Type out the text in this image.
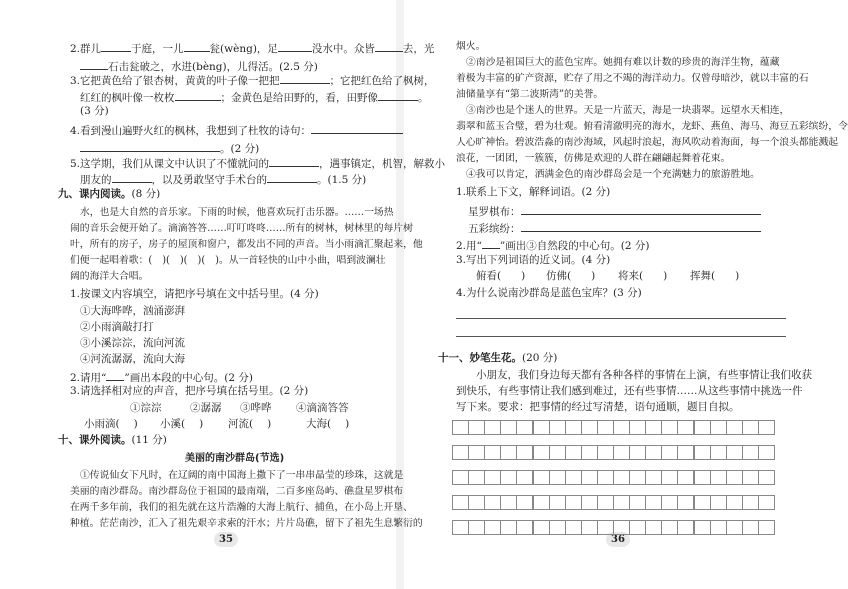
2.群儿	于庭，一儿 瓮(wèng)，足	没水中。众皆	去，光
石击瓮破之，水进(bèng)，儿得活。(2.5 分)
3.它把黄色给了银杏树，黄黄的叶子像一把把	；它把红色给了枫树，
红红的枫叶像一枚枚	；金黄色是给田野的，看，田野像	。
(3 分)
4.看到漫山遍野火红的枫林，我想到了杜牧的诗句：
。(2 分)
5.这学期，我们从课文中认识了不懂就问的	，遇事镇定，机智，解救小
朋友的	，以及勇敢坚守手术台的	。(1.5 分)
九、课内阅读。(8 分)
水，也是大自然的音乐家。下雨的时候，他喜欢玩打击乐器。……一场热
闹的音乐会便开始了。滴滴答答……叮叮咚咚……所有的树林，树林里的每片树
叶，所有的房子，房子的屋顶和窗户，都发出不同的声音。当小雨滴汇聚起来，他
们便一起唱着歌：( )( )( )( )。从一首轻快的山中小曲，唱到波澜壮
阔的海洋大合唱。
1.按课文内容填空，请把序号填在文中括号里。(4 分)
①大海哗哗，汹涌澎湃
②小雨滴敲打打
③小溪淙淙，流向河流
④河流潺潺，流向大海
2.请用“ ”画出本段的中心句。(2 分)
3.请选择相对应的声音，把序号填在括号里。(2 分)
①淙淙	②潺潺 ③哗哗 ④滴滴答答
小雨滴( ) 小溪( ) 河流( )	大海( )
十、课外阅读。(11 分)
美丽的南沙群岛(节选)
①传说仙女下凡时，在辽阔的南中国海上撒下了一串串晶莹的珍珠，这就是
美丽的南沙群岛。南沙群岛位于祖国的最南端，二百多座岛屿、礁盘星罗棋布
在两千多年前，我们的祖先就在这片浩瀚的大海上航行、捕鱼，在小岛上开垦、
种植。茫茫南沙，汇入了祖先艰辛求索的汗水；片片岛礁，留下了祖先生息繁衍的
35
烟火。
②南沙是祖国巨大的蓝色宝库。她拥有难以计数的珍贵的海洋生物，蕴藏
着极为丰富的矿产资源，贮存了用之不竭的海洋动力。仅曾母暗沙，就以丰富的石
油储量享有“第二波斯湾”的美誉。
③南沙也是个迷人的世界。天是一片蓝天，海是一块翡翠。远望水天相连，
翡翠和蓝玉合璧，碧为壮观。俯看清澈明亮的海水，龙虾、燕鱼、海马、海豆五彩缤纷，令
人心旷神怡。碧波浩淼的南沙海域，风起时浪起，海风吹动着海面，每一个浪头都能溅起
浪花，一团团，一簇簇，仿佛是欢迎的人群在翩翩起舞着花束。
④我可以肯定，洒满金色的南沙群岛会是一个充满魅力的旅游胜地。
1.联系上下文，解释词语。(2 分)
星罗棋布：
五彩缤纷：
2.用“ ”画出③自然段的中心句。(2 分)
3.写出下列词语的近义词。(4 分)
俯看( ) 仿佛( ) 将来( ) 挥舞( )
4.为什么说南沙群岛是蓝色宝库？(3 分)
十一、妙笔生花。(20 分)
小朋友，我们身边每天都有各种各样的事情在上演，有些事情让我们收获
到快乐，有些事情让我们感到难过，还有些事情……从这些事情中挑选一件
写下来。要求：把事情的经过写清楚，语句通顺，题目自拟。
36
